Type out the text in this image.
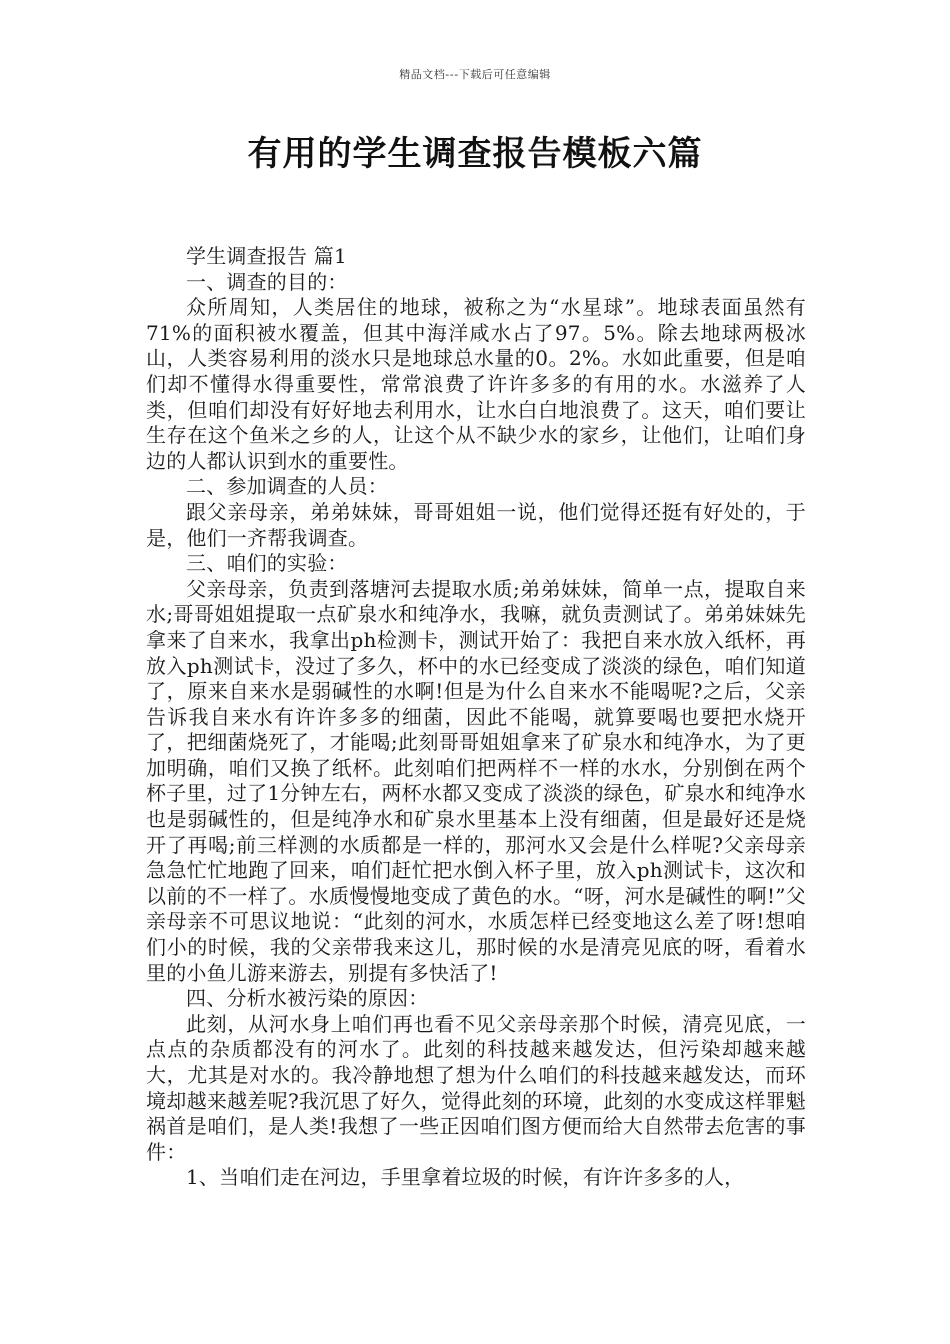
精品文档---下载后可任意编辑
有用的学生调查报告模板六篇

学生调查报告 篇1

一、调查的目的：

众所周知，人类居住的地球，被称之为“水星球”。地球表面虽然有71%的面积被水覆盖，但其中海洋咸水占了97。5%。除去地球两极冰山，人类容易利用的淡水只是地球总水量的0。2%。水如此重要，但是咱们却不懂得水得重要性，常常浪费了许许多多的有用的水。水滋养了人类，但咱们却没有好好地去利用水，让水白白地浪费了。这天，咱们要让生存在这个鱼米之乡的人，让这个从不缺少水的家乡，让他们，让咱们身边的人都认识到水的重要性。

二、参加调查的人员：

跟父亲母亲，弟弟妹妹，哥哥姐姐一说，他们觉得还挺有好处的，于是，他们一齐帮我调查。

三、咱们的实验：

父亲母亲，负责到落塘河去提取水质;弟弟妹妹，简单一点，提取自来水;哥哥姐姐提取一点矿泉水和纯净水，我嘛，就负责测试了。弟弟妹妹先拿来了自来水，我拿出ph检测卡，测试开始了：我把自来水放入纸杯，再放入ph测试卡，没过了多久，杯中的水已经变成了淡淡的绿色，咱们知道了，原来自来水是弱碱性的水啊!但是为什么自来水不能喝呢?之后，父亲告诉我自来水有许许多多的细菌，因此不能喝，就算要喝也要把水烧开了，把细菌烧死了，才能喝;此刻哥哥姐姐拿来了矿泉水和纯净水，为了更加明确，咱们又换了纸杯。此刻咱们把两样不一样的水水，分别倒在两个杯子里，过了1分钟左右，两杯水都又变成了淡淡的绿色，矿泉水和纯净水也是弱碱性的，但是纯净水和矿泉水里基本上没有细菌，但是最好还是烧开了再喝;前三样测的水质都是一样的，那河水又会是什么样呢?父亲母亲急急忙忙地跑了回来，咱们赶忙把水倒入杯子里，放入ph测试卡，这次和以前的不一样了。水质慢慢地变成了黄色的水。“呀，河水是碱性的啊!”父亲母亲不可思议地说：“此刻的河水，水质怎样已经变地这么差了呀!想咱们小的时候，我的父亲带我来这儿，那时候的水是清亮见底的呀，看着水里的小鱼儿游来游去，别提有多快活了!

四、分析水被污染的原因：

此刻，从河水身上咱们再也看不见父亲母亲那个时候，清亮见底，一点点的杂质都没有的河水了。此刻的科技越来越发达，但污染却越来越大，尤其是对水的。我冷静地想了想为什么咱们的科技越来越发达，而环境却越来越差呢?我沉思了好久，觉得此刻的环境，此刻的水变成这样罪魁祸首是咱们，是人类!我想了一些正因咱们图方便而给大自然带去危害的事件：

1、当咱们走在河边，手里拿着垃圾的时候，有许许多多的人，
